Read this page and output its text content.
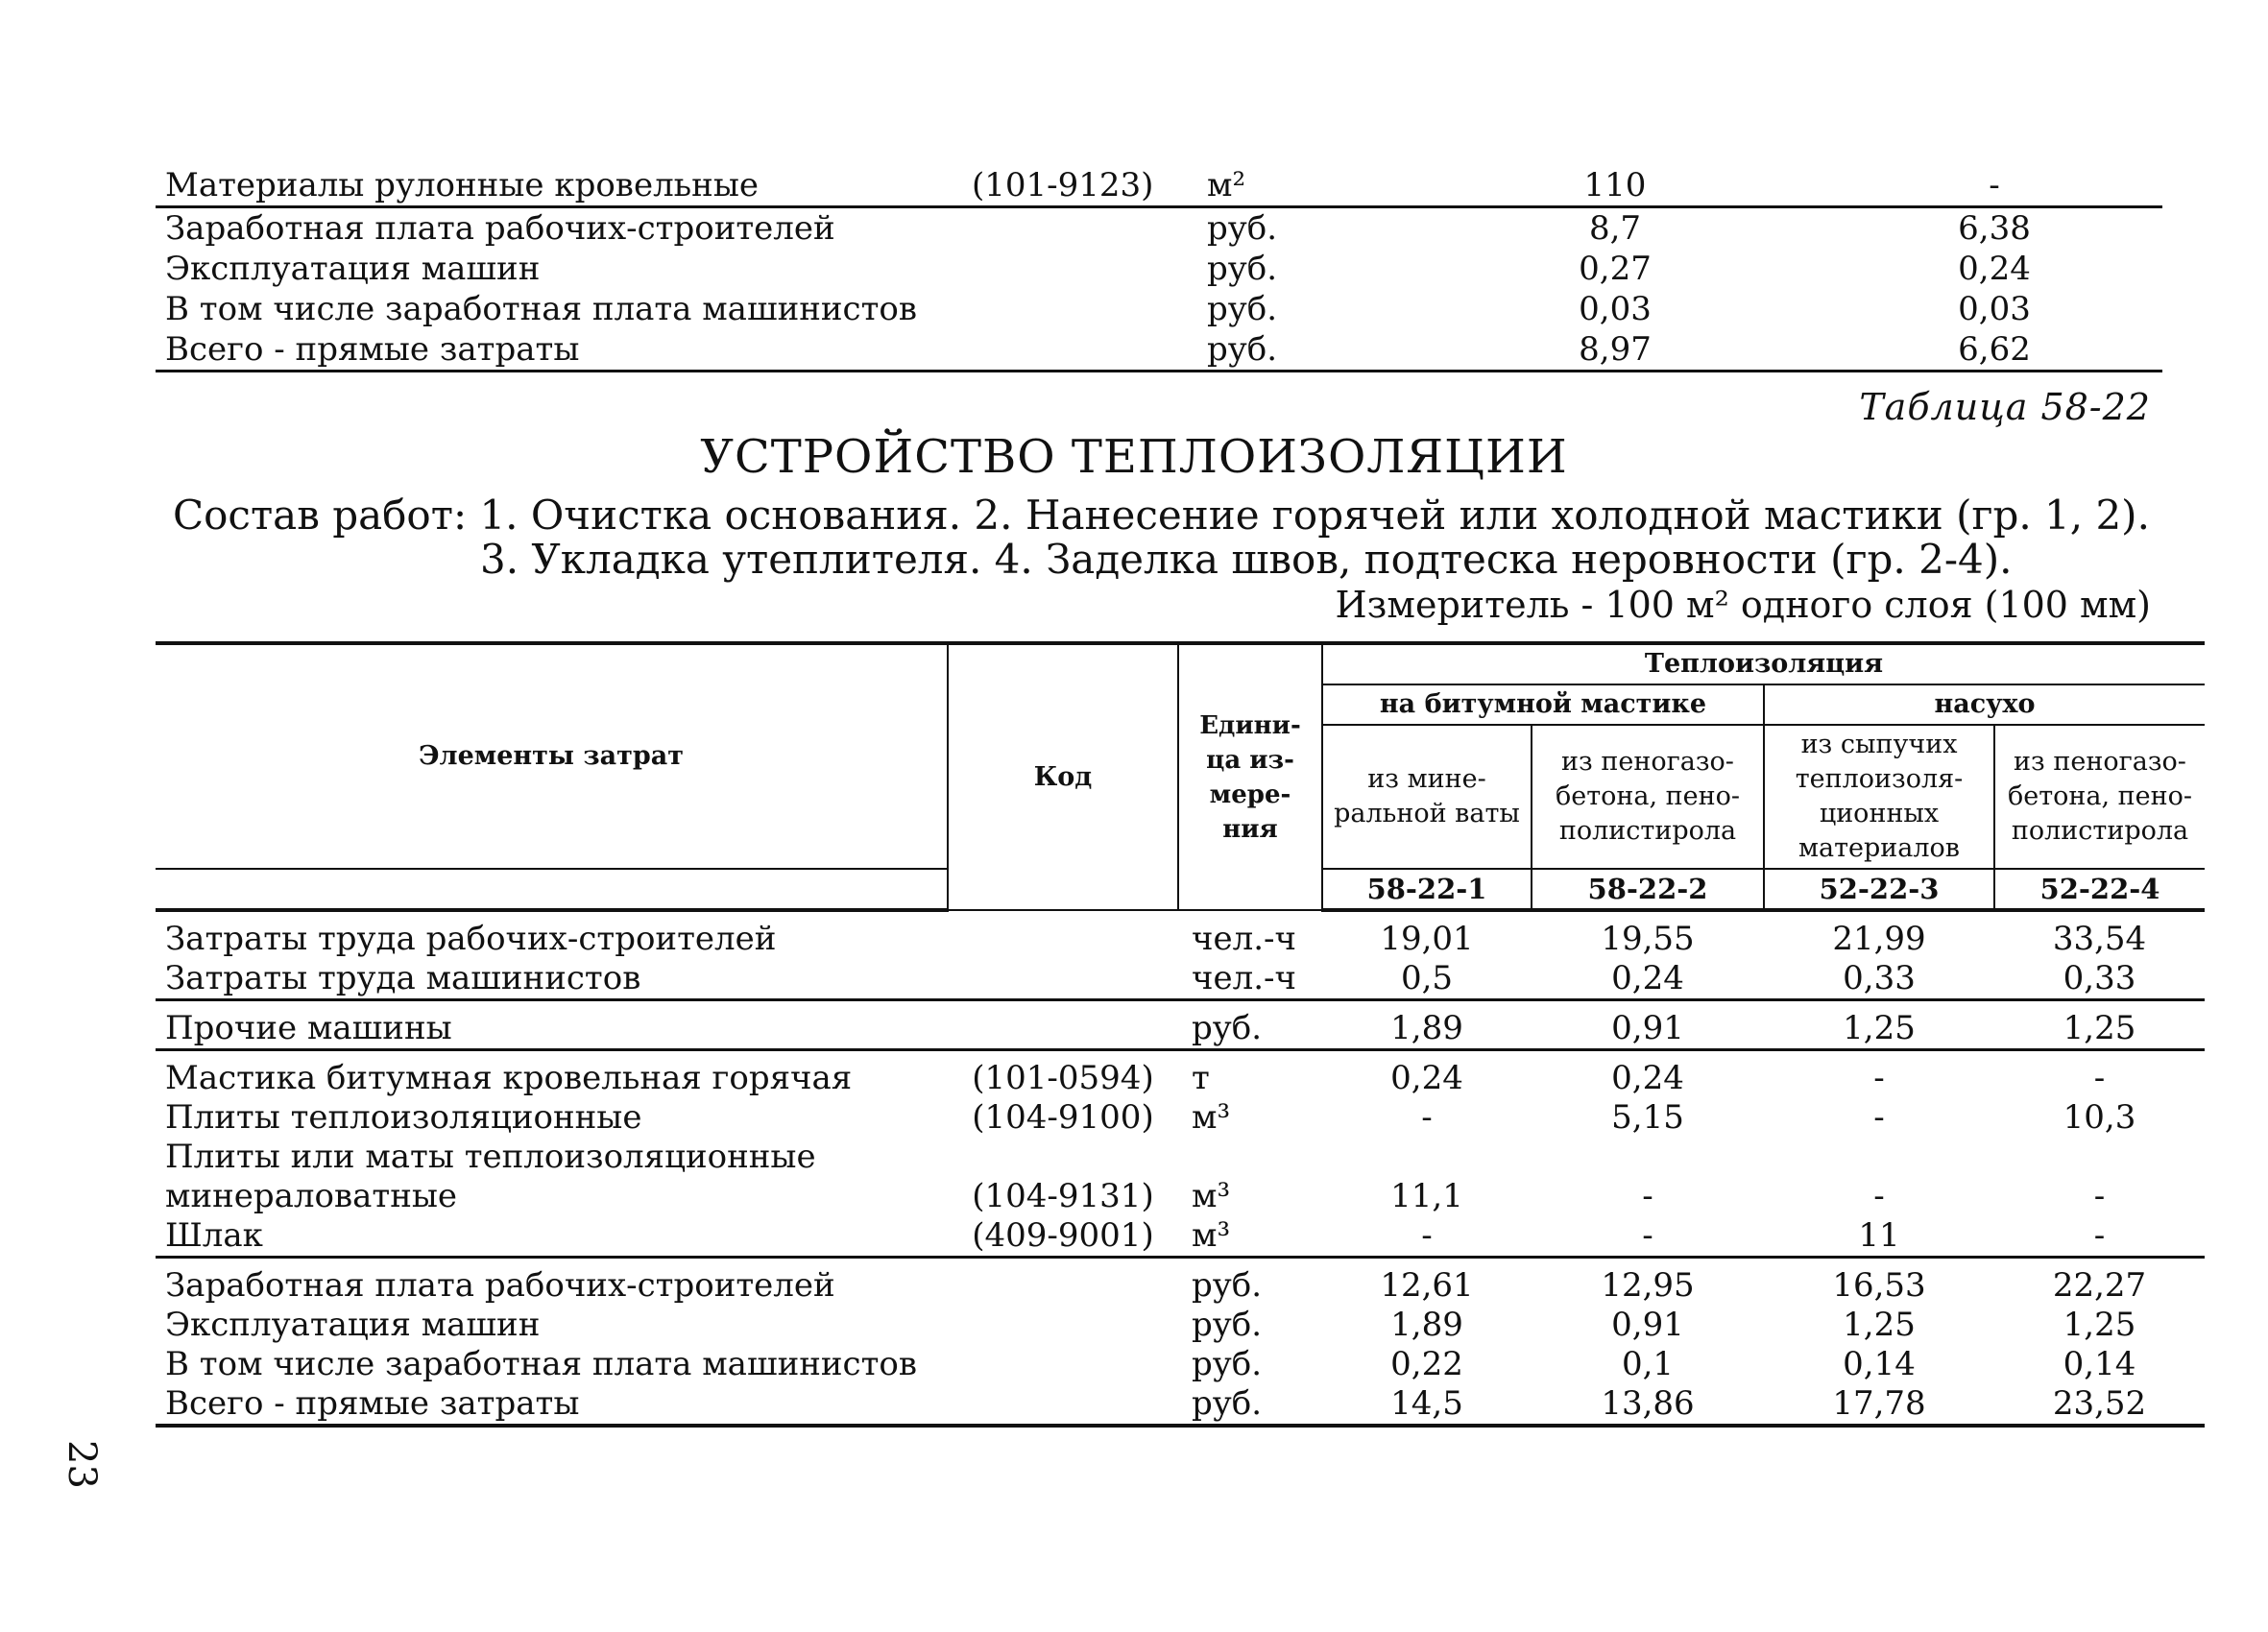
Материалы рулонные кровельные	(101-9123)	м²	110	-
Заработная плата рабочих-строителей		руб.	8,7	6,38
Эксплуатация машин		руб.	0,27	0,24
В том числе заработная плата машинистов		руб.	0,03	0,03
Всего - прямые затраты		руб.	8,97	6,62
Таблица 58-22
УСТРОЙСТВО ТЕПЛОИЗОЛЯЦИИ
Состав работ: 1. Очистка основания. 2. Нанесение горячей или холодной мастики (гр. 1, 2).
3. Укладка утеплителя. 4. Заделка швов, подтеска неровности (гр. 2-4).
Измеритель - 100 м² одного слоя (100 мм)
Элементы затрат	Код	Едини-ца из-мере-ния	Теплоизоляция			
			на битумной мастике		насухо	
			из мине-ральной ваты	из пеногазо-бетона, пено-полистирола	из сыпучих теплоизоля-ционных материалов	из пеногазо-бетона, пено-полистирола
			58-22-1	58-22-2	52-22-3	52-22-4
Затраты труда рабочих-строителей		чел.-ч	19,01	19,55	21,99	33,54
Затраты труда машинистов		чел.-ч	0,5	0,24	0,33	0,33
Прочие машины		руб.	1,89	0,91	1,25	1,25
Мастика битумная кровельная горячая	(101-0594)	т	0,24	0,24	-	-
Плиты теплоизоляционные	(104-9100)	м³	-	5,15	-	10,3
Плиты или маты теплоизоляционные						
минераловатные	(104-9131)	м³	11,1	-	-	-
Шлак	(409-9001)	м³	-	-	11	-
Заработная плата рабочих-строителей		руб.	12,61	12,95	16,53	22,27
Эксплуатация машин		руб.	1,89	0,91	1,25	1,25
В том числе заработная плата машинистов		руб.	0,22	0,1	0,14	0,14
Всего - прямые затраты		руб.	14,5	13,86	17,78	23,52
23
